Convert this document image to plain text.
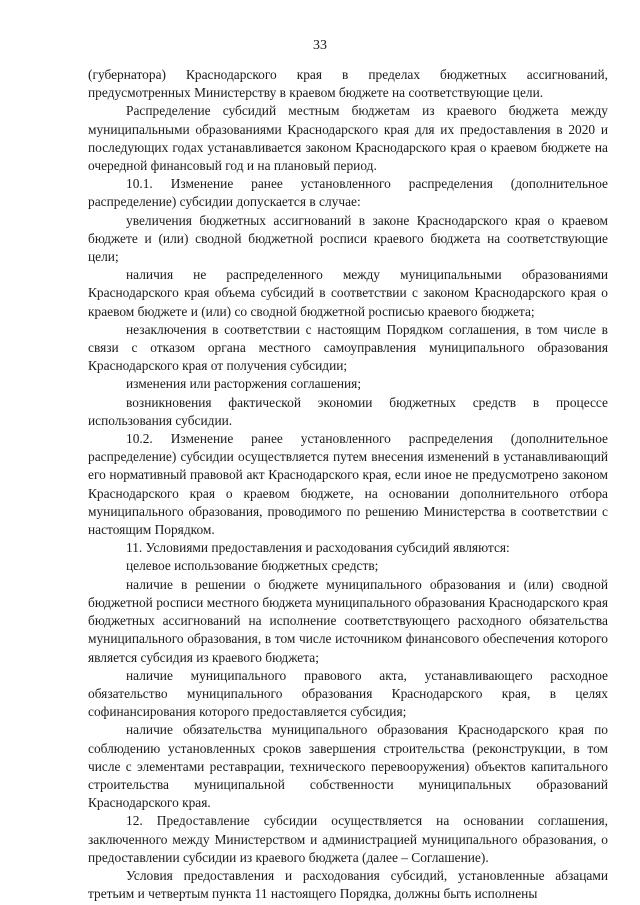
33

(губернатора) Краснодарского края в пределах бюджетных ассигнований, предусмотренных Министерству в краевом бюджете на соответствующие цели.

Распределение субсидий местным бюджетам из краевого бюджета между муниципальными образованиями Краснодарского края для их предоставления в 2020 и последующих годах устанавливается законом Краснодарского края о краевом бюджете на очередной финансовый год и на плановый период.

10.1. Изменение ранее установленного распределения (дополнительное распределение) субсидии допускается в случае:

увеличения бюджетных ассигнований в законе Краснодарского края о краевом бюджете и (или) сводной бюджетной росписи краевого бюджета на соответствующие цели;

наличия не распределенного между муниципальными образованиями Краснодарского края объема субсидий в соответствии с законом Краснодарского края о краевом бюджете и (или) со сводной бюджетной росписью краевого бюджета;

незаключения в соответствии с настоящим Порядком соглашения, в том числе в связи с отказом органа местного самоуправления муниципального образования Краснодарского края от получения субсидии;

изменения или расторжения соглашения;

возникновения фактической экономии бюджетных средств в процессе использования субсидии.

10.2. Изменение ранее установленного распределения (дополнительное распределение) субсидии осуществляется путем внесения изменений в устанавливающий его нормативный правовой акт Краснодарского края, если иное не предусмотрено законом Краснодарского края о краевом бюджете, на основании дополнительного отбора муниципального образования, проводимого по решению Министерства в соответствии с настоящим Порядком.

11. Условиями предоставления и расходования субсидий являются:

целевое использование бюджетных средств;

наличие в решении о бюджете муниципального образования и (или) сводной бюджетной росписи местного бюджета муниципального образования Краснодарского края бюджетных ассигнований на исполнение соответствующего расходного обязательства муниципального образования, в том числе источником финансового обеспечения которого является субсидия из краевого бюджета;

наличие муниципального правового акта, устанавливающего расходное обязательство муниципального образования Краснодарского края, в целях софинансирования которого предоставляется субсидия;

наличие обязательства муниципального образования Краснодарского края по соблюдению установленных сроков завершения строительства (реконструкции, в том числе с элементами реставрации, технического перевооружения) объектов капитального строительства муниципальной собственности муниципальных образований Краснодарского края.

12. Предоставление субсидии осуществляется на основании соглашения, заключенного между Министерством и администрацией муниципального образования, о предоставлении субсидии из краевого бюджета (далее – Соглашение).

Условия предоставления и расходования субсидий, установленные абзацами третьим и четвертым пункта 11 настоящего Порядка, должны быть исполнены
